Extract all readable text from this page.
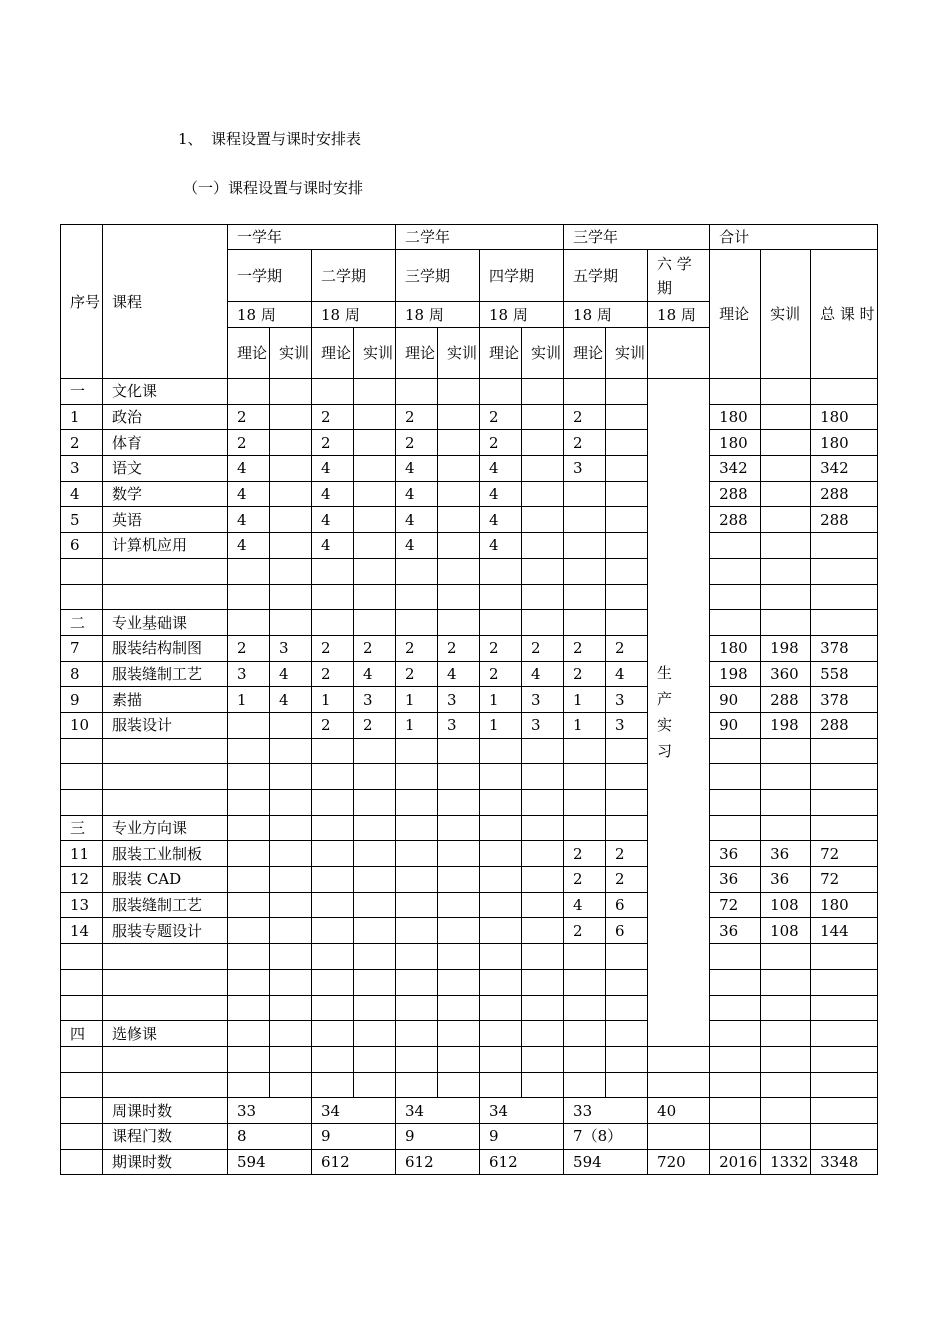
1、 课程设置与课时安排表
（一）课程设置与课时安排
序号	课程	一学年				二学年				三学年			合计		
		一学期		二学期		三学期		四学期		五学期		六 学 期	理论	实训	总 课 时
		18 周		18 周		18 周		18 周		18 周		18 周			
		理论	实训	理论	实训	理论	实训	理论	实训	理论	实训				
一	文化课											生产实习			

1	政治	2		2		2		2		2			180		180
2	体育	2		2		2		2		2			180		180
3	语文	4		4		4		4		3			342		342
4	数学	4		4		4		4					288		288
5	英语	4		4		4		4					288		288
6	计算机应用	4		4		4		4							

二	专业基础课														
7	服装结构制图	2	3	2	2	2	2	2	2	2	2		180	198	378
8	服装缝制工艺	3	4	2	4	2	4	2	4	2	4		198	360	558
9	素描	1	4	1	3	1	3	1	3	1	3		90	288	378
10	服装设计			2	2	1	3	1	3	1	3		90	198	288

三	专业方向课														
11	服装工业制板									2	2		36	36	72
12	服装 CAD									2	2		36	36	72
13	服装缝制工艺									4	6		72	108	180
14	服装专题设计									2	6		36	108	144

四	选修课														

	周课时数	33		34		34		34		33		40			
	课程门数	8		9		9		9		7（8）					
	期课时数	594		612		612		612		594		720	2016	1332	3348
